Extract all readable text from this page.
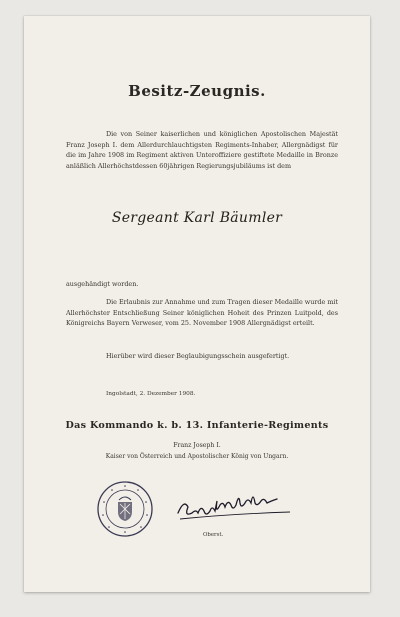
Besitz-Zeugnis.
Die von Seiner kaiserlichen und königlichen Apostolischen Majestät Franz Joseph I. dem Allerdurchlauchtigsten Regiments-Inhaber, Allergnädigst für die im Jahre 1908 im Regiment aktiven Unteroffiziere gestiftete Medaille in Bronze anläßlich Allerhöchstdessen 60jährigen Regierungsjubiläums ist dem
Sergeant Karl Bäumler
ausgehändigt worden.
Die Erlaubnis zur Annahme und zum Tragen dieser Medaille wurde mit Allerhöchster Entschließung Seiner königlichen Hoheit des Prinzen Luitpold, des Königreichs Bayern Verweser, vom 25. November 1908 Allergnädigst erteilt.
Hierüber wird dieser Beglaubigungsschein ausgefertigt.
Ingolstadt, 2. Dezember 1908.
Das Kommando k. b. 13. Infanterie-Regiments
Franz Joseph I.
Kaiser von Österreich und Apostolischer König von Ungarn.
Oberst.
